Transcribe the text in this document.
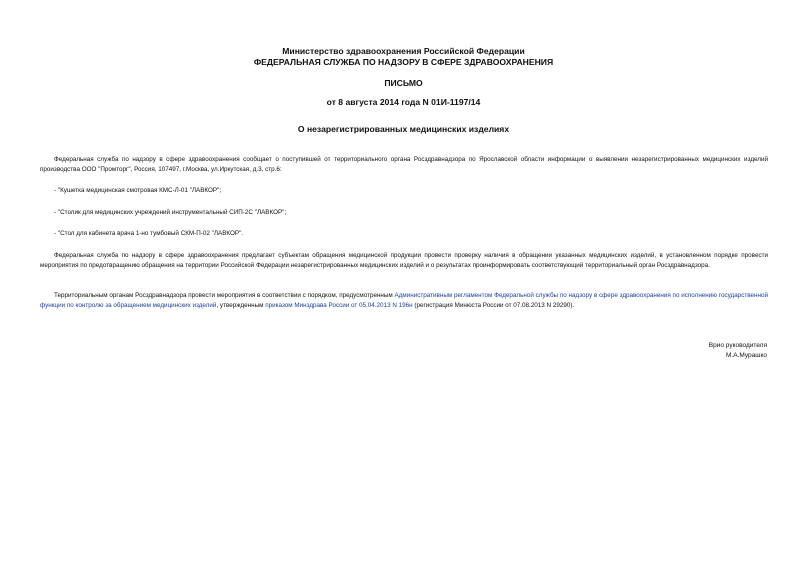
Министерство здравоохранения Российской Федерации
ФЕДЕРАЛЬНАЯ СЛУЖБА ПО НАДЗОРУ В СФЕРЕ ЗДРАВООХРАНЕНИЯ
ПИСЬМО
от 8 августа 2014 года N 01И-1197/14
О незарегистрированных медицинских изделиях
Федеральная служба по надзору в сфере здравоохранения сообщает о поступившей от территориального органа Росздравнадзора по Ярославской области информации о выявлении незарегистрированных медицинских изделий производства ООО "Промторг", Россия, 107497, г.Москва, ул.Иркутская, д.3, стр.6:
- "Кушетка медицинская смотровая КМС-Л-01 "ЛАВКОР";
- "Столик для медицинских учреждений инструментальный СИП-2С "ЛАВКОР";
- "Стол для кабинета врача 1-но тумбовый СКМ-П-02 "ЛАВКОР".
Федеральная служба по надзору в сфере здравоохранения предлагает субъектам обращения медицинской продукции провести проверку наличия в обращении указанных медицинских изделий, в установленном порядке провести мероприятия по предотвращению обращения на территории Российской Федерации незарегистрированных медицинских изделий и о результатах проинформировать соответствующий территориальный орган Росздравнадзора.
Территориальным органам Росздравнадзора провести мероприятия в соответствии с порядком, предусмотренным Административным регламентом Федеральной службы по надзору в сфере здравоохранения по исполнению государственной функции по контролю за обращением медицинских изделий, утвержденным приказом Минздрава России от 05.04.2013 N 196н (регистрация Минюста России от 07.08.2013 N 29290).
Врио руководителя
М.А.Мурашко
